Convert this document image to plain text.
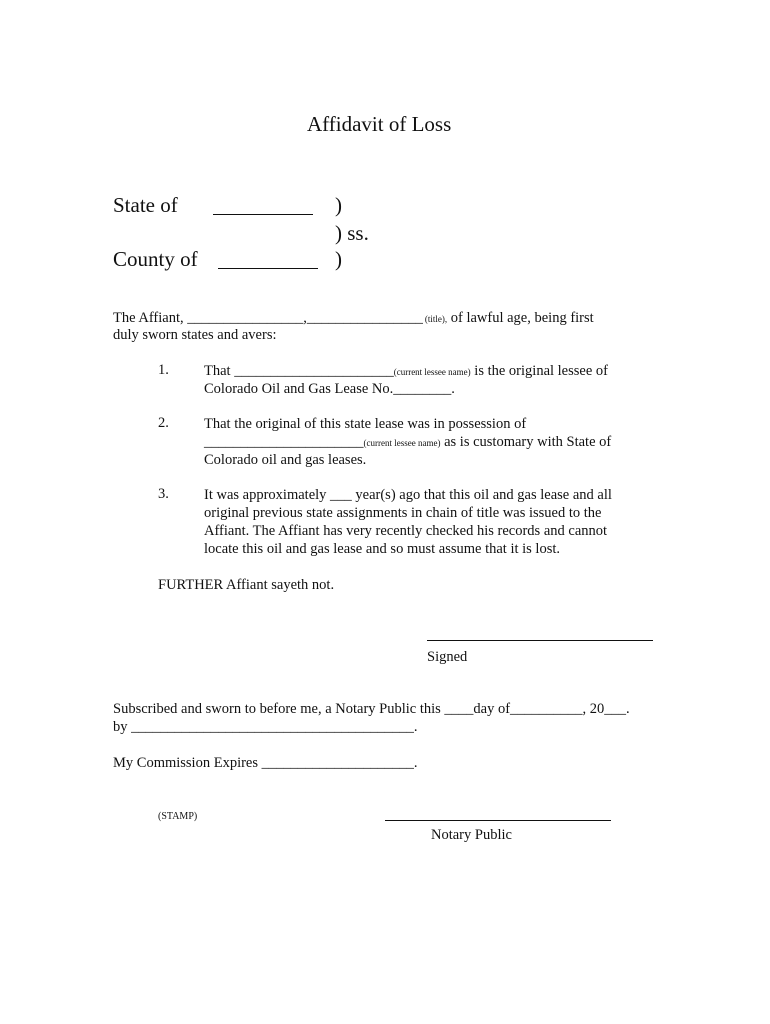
Affidavit of Loss
State of	)
) ss.
County of	)
The Affiant, ________________,________________ (title), of lawful age, being first
duly sworn states and avers:
1. That ______________________(current lessee name) is the original lessee of
Colorado Oil and Gas Lease No.________.
2. That the original of this state lease was in possession of
______________________(current lessee name) as is customary with State of
Colorado oil and gas leases.
3. It was approximately ___ year(s) ago that this oil and gas lease and all
original previous state assignments in chain of title was issued to the
Affiant. The Affiant has very recently checked his records and cannot
locate this oil and gas lease and so must assume that it is lost.
FURTHER Affiant sayeth not.
Signed
Subscribed and sworn to before me, a Notary Public this ____day of__________, 20___.
by _______________________________________.
My Commission Expires _____________________.
(STAMP)
Notary Public
